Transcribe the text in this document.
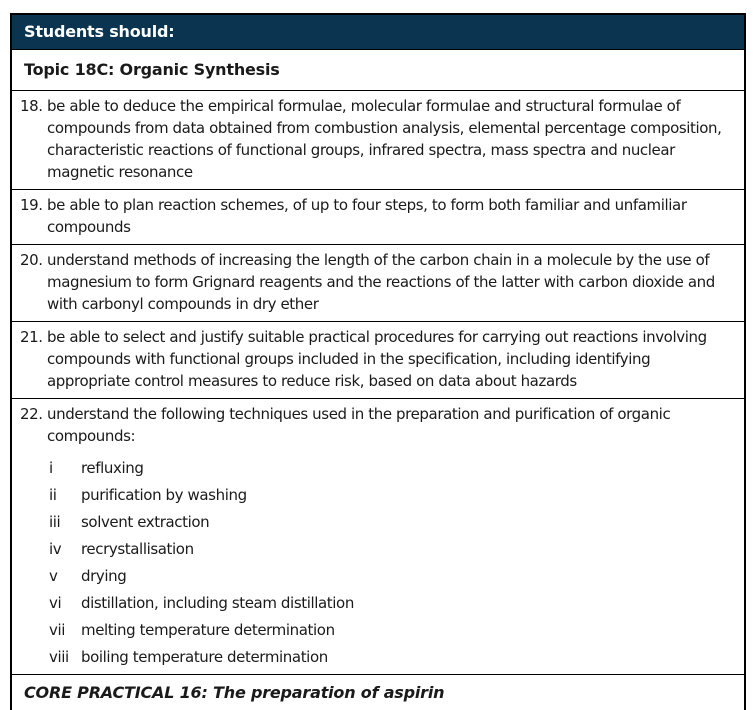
Students should:
Topic 18C: Organic Synthesis
18. be able to deduce the empirical formulae, molecular formulae and structural formulae of compounds from data obtained from combustion analysis, elemental percentage composition, characteristic reactions of functional groups, infrared spectra, mass spectra and nuclear magnetic resonance
19. be able to plan reaction schemes, of up to four steps, to form both familiar and unfamiliar compounds
20. understand methods of increasing the length of the carbon chain in a molecule by the use of magnesium to form Grignard reagents and the reactions of the latter with carbon dioxide and with carbonyl compounds in dry ether
21. be able to select and justify suitable practical procedures for carrying out reactions involving compounds with functional groups included in the specification, including identifying appropriate control measures to reduce risk, based on data about hazards
22. understand the following techniques used in the preparation and purification of organic compounds:
i	refluxing
ii	purification by washing
iii	solvent extraction
iv	recrystallisation
v	drying
vi	distillation, including steam distillation
vii	melting temperature determination
viii boiling temperature determination
CORE PRACTICAL 16: The preparation of aspirin
